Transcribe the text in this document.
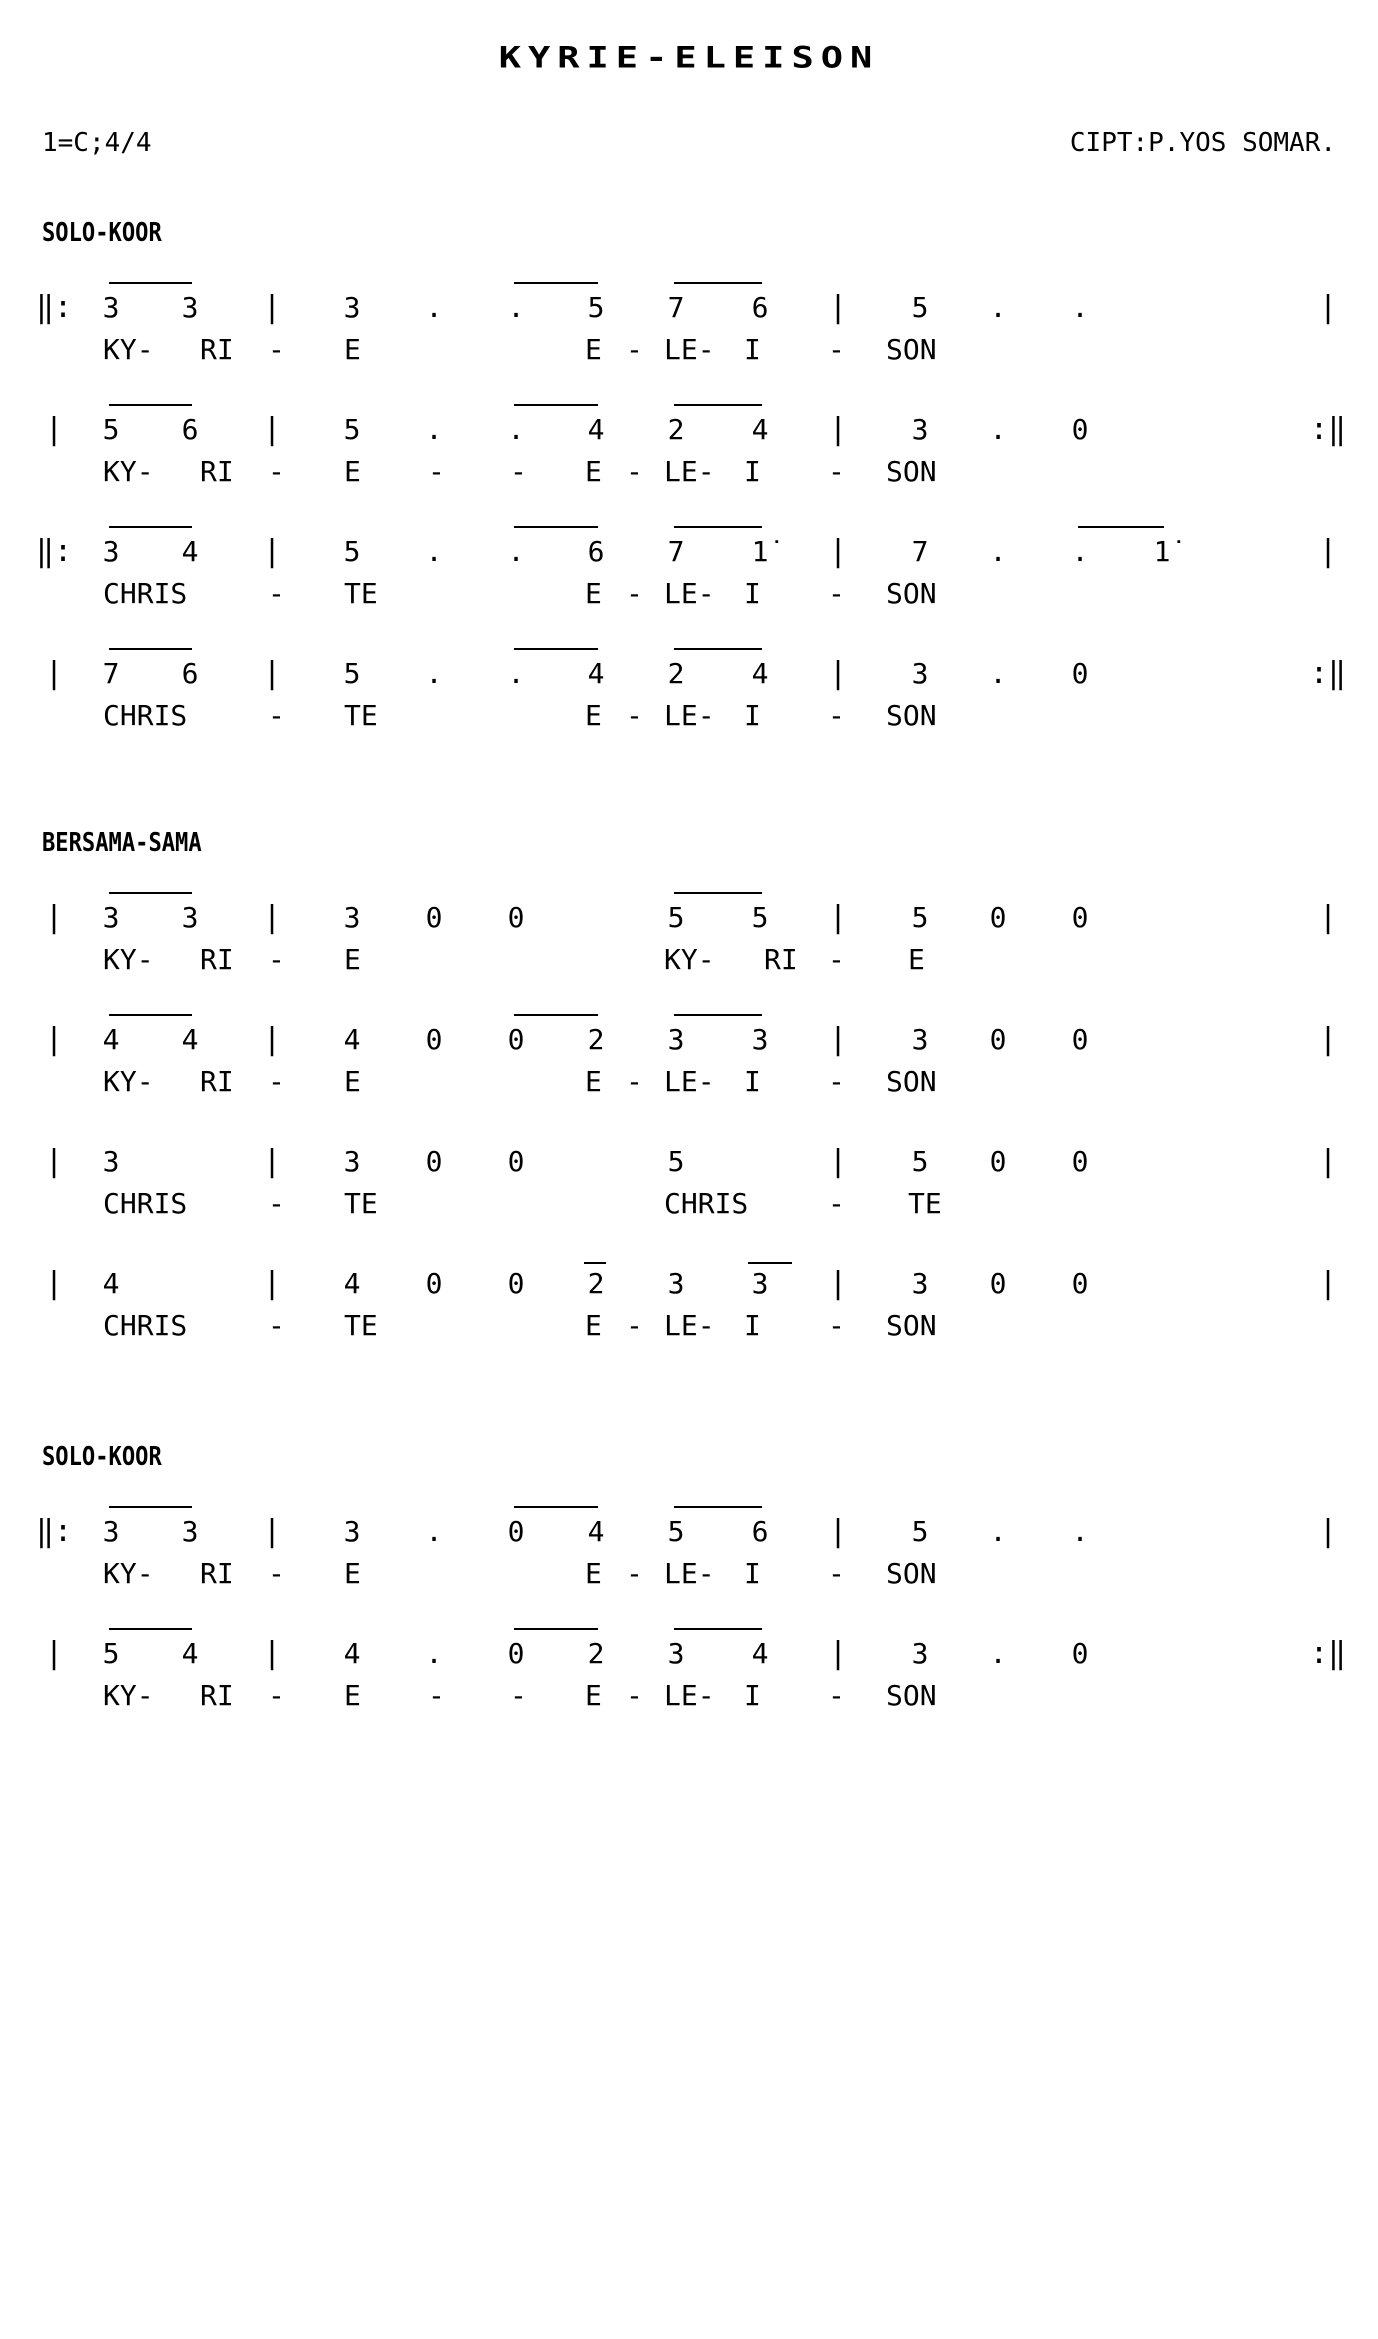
KYRIE-ELEISON
1=C;4/4	CIPT:P.YOS SOMAR.
SOLO-KOOR
‖: 3 3 | 3 . . 5 7 6 | 5 . .	|
KY- RI - E	E - LE- I - SON
| 5 6 | 5 . . 4 2 4 | 3 . 0	:‖
KY- RI - E - - E - LE- I - SON
‖: 3 4 | 5 . . 6 7 1̇ | 7 . . 1̇	|
CHRIS	- TE	E - LE- I - SON
| 7 6 | 5 . . 4 2 4 | 3 . 0	:‖
CHRIS	- TE	E - LE- I - SON
BERSAMA-SAMA
| 3 3 | 3 0 0	5 5 | 5 0 0	|
KY- RI - E	KY- RI - E
| 4 4 | 4 0 0 2 3 3 | 3 0 0	|
KY- RI - E	E - LE- I - SON
| 3	| 3 0 0	5	| 5 0 0	|
CHRIS	- TE	CHRIS	- TE
| 4	| 4 0 0 2 3 3 | 3 0 0	|
CHRIS	- TE	E - LE- I - SON
SOLO-KOOR
‖: 3 3 | 3 . 0 4 5 6 | 5 . .	|
KY- RI - E	E - LE- I - SON
| 5 4 | 4 . 0 2 3 4 | 3 . 0	:‖
KY- RI - E - - E - LE- I - SON
